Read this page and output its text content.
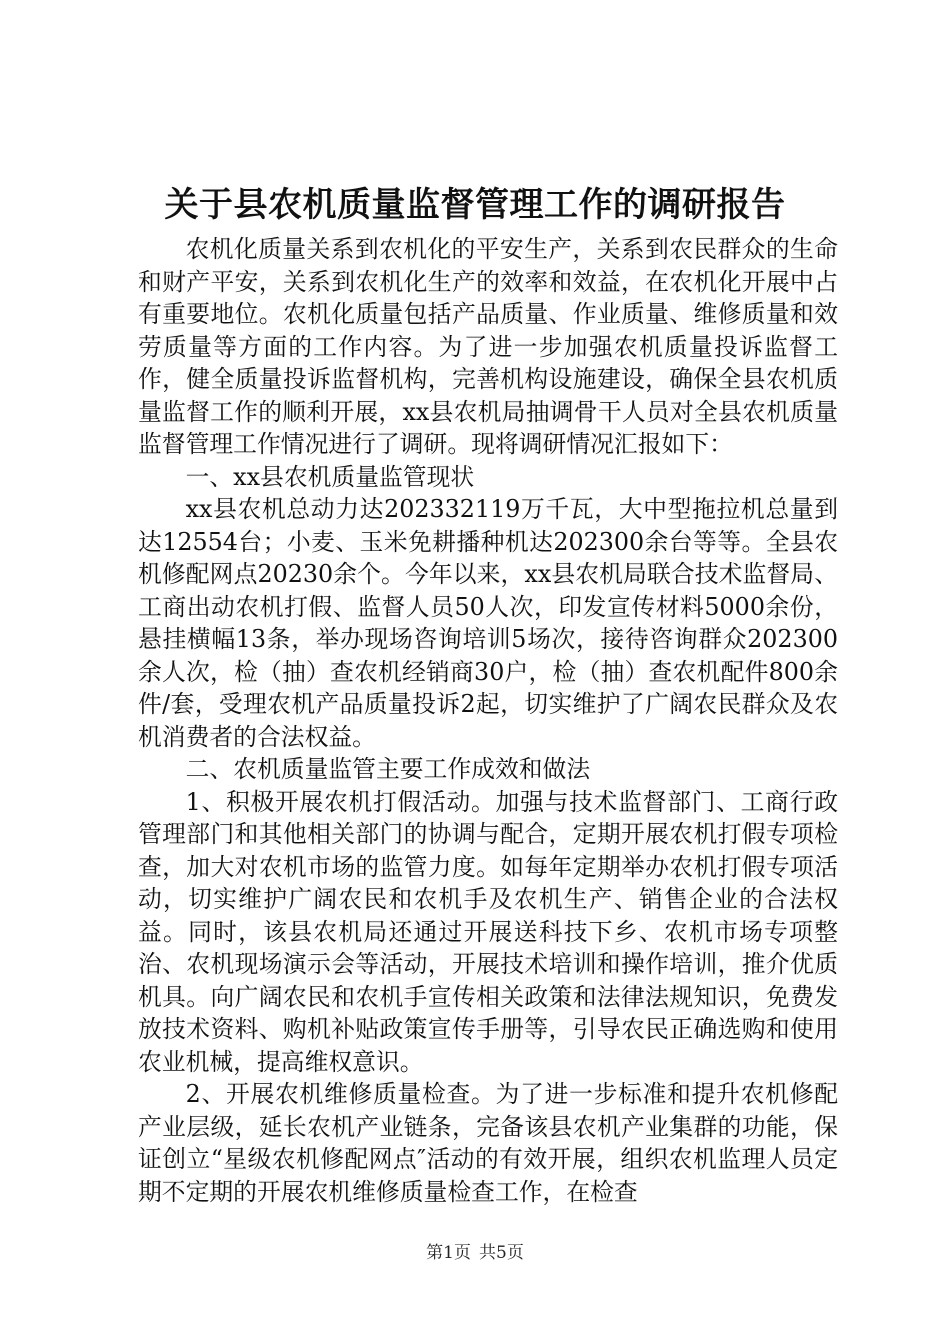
关于县农机质量监督管理工作的调研报告

农机化质量关系到农机化的平安生产，关系到农民群众的生命和财产平安，关系到农机化生产的效率和效益，在农机化开展中占有重要地位。农机化质量包括产品质量、作业质量、维修质量和效劳质量等方面的工作内容。为了进一步加强农机质量投诉监督工作，健全质量投诉监督机构，完善机构设施建设，确保全县农机质量监督工作的顺利开展，xx县农机局抽调骨干人员对全县农机质量监督管理工作情况进行了调研。现将调研情况汇报如下：

一、xx县农机质量监管现状

xx县农机总动力达202332119万千瓦，大中型拖拉机总量到达12554台；小麦、玉米免耕播种机达202300余台等等。全县农机修配网点20230余个。今年以来，xx县农机局联合技术监督局、工商出动农机打假、监督人员50人次，印发宣传材料5000余份，悬挂横幅13条，举办现场咨询培训5场次，接待咨询群众202300余人次，检（抽）查农机经销商30户，检（抽）查农机配件800余件/套，受理农机产品质量投诉2起，切实维护了广阔农民群众及农机消费者的合法权益。

二、农机质量监管主要工作成效和做法

1、积极开展农机打假活动。加强与技术监督部门、工商行政管理部门和其他相关部门的协调与配合，定期开展农机打假专项检查，加大对农机市场的监管力度。如每年定期举办农机打假专项活动，切实维护广阔农民和农机手及农机生产、销售企业的合法权益。同时，该县农机局还通过开展送科技下乡、农机市场专项整治、农机现场演示会等活动，开展技术培训和操作培训，推介优质机具。向广阔农民和农机手宣传相关政策和法律法规知识，免费发放技术资料、购机补贴政策宣传手册等，引导农民正确选购和使用农业机械，提高维权意识。

2、开展农机维修质量检查。为了进一步标准和提升农机修配产业层级，延长农机产业链条，完备该县农机产业集群的功能，保证创立“星级农机修配网点″活动的有效开展，组织农机监理人员定期不定期的开展农机维修质量检查工作，在检查

第1页 共5页
